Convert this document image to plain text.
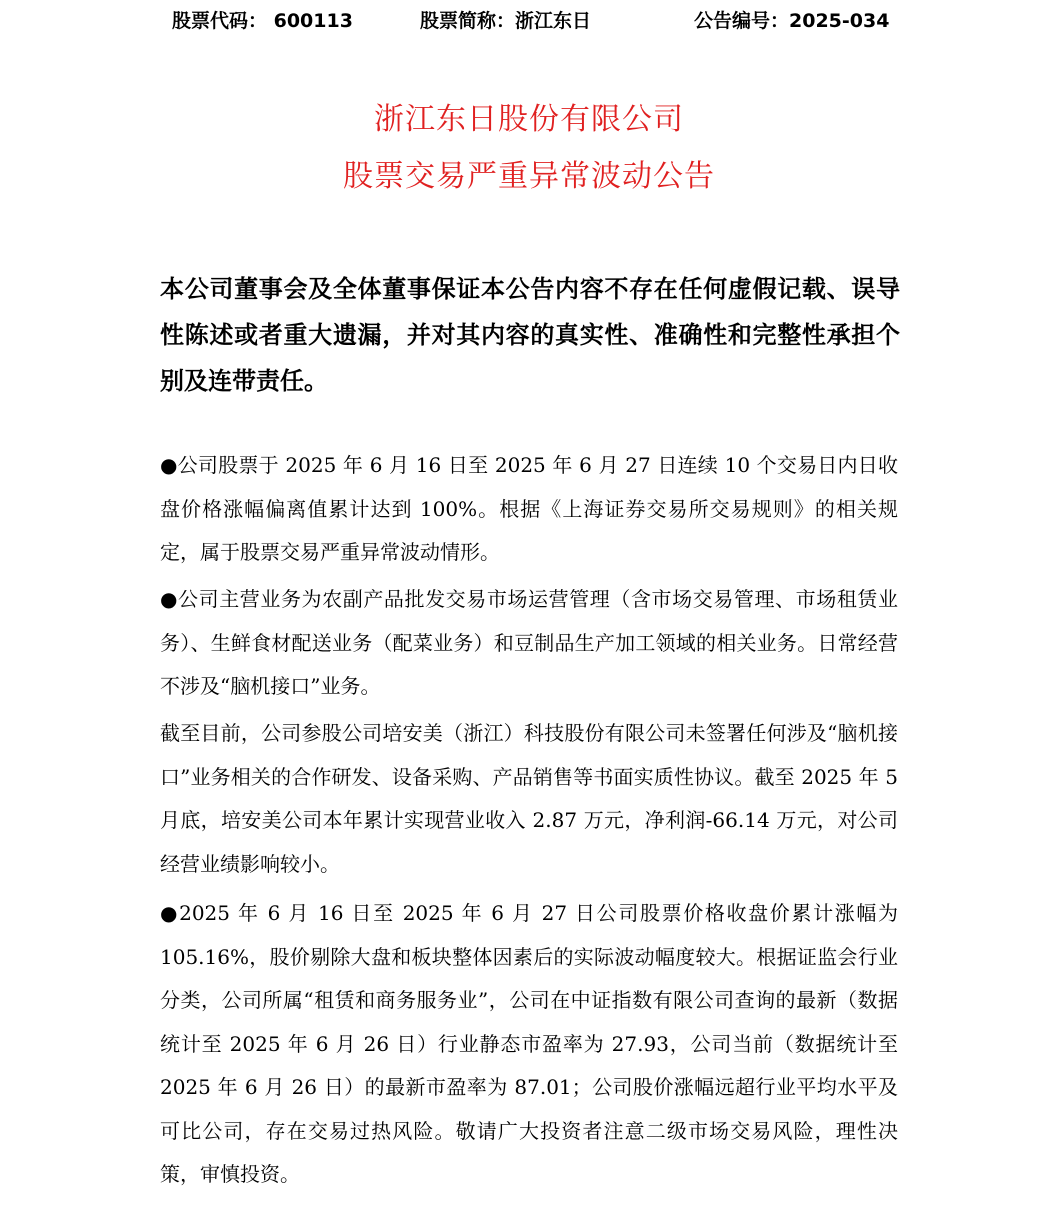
股票代码： 600113	股票简称：浙江东日	公告编号：2025-034
浙江东日股份有限公司
股票交易严重异常波动公告
本公司董事会及全体董事保证本公告内容不存在任何虚假记载、误导性陈述或者重大遗漏，并对其内容的真实性、准确性和完整性承担个别及连带责任。
●公司股票于 2025 年 6 月 16 日至 2025 年 6 月 27 日连续 10 个交易日内日收盘价格涨幅偏离值累计达到 100%。根据《上海证券交易所交易规则》的相关规定，属于股票交易严重异常波动情形。
●公司主营业务为农副产品批发交易市场运营管理（含市场交易管理、市场租赁业务）、生鲜食材配送业务（配菜业务）和豆制品生产加工领域的相关业务。日常经营不涉及“脑机接口”业务。
截至目前，公司参股公司培安美（浙江）科技股份有限公司未签署任何涉及“脑机接口”业务相关的合作研发、设备采购、产品销售等书面实质性协议。截至 2025 年 5 月底，培安美公司本年累计实现营业收入 2.87 万元，净利润-66.14 万元，对公司经营业绩影响较小。
●2025 年 6 月 16 日至 2025 年 6 月 27 日公司股票价格收盘价累计涨幅为 105.16%，股价剔除大盘和板块整体因素后的实际波动幅度较大。根据证监会行业分类，公司所属“租赁和商务服务业”，公司在中证指数有限公司查询的最新（数据统计至 2025 年 6 月 26 日）行业静态市盈率为 27.93，公司当前（数据统计至 2025 年 6 月 26 日）的最新市盈率为 87.01；公司股价涨幅远超行业平均水平及可比公司，存在交易过热风险。敬请广大投资者注意二级市场交易风险，理性决策，审慎投资。
